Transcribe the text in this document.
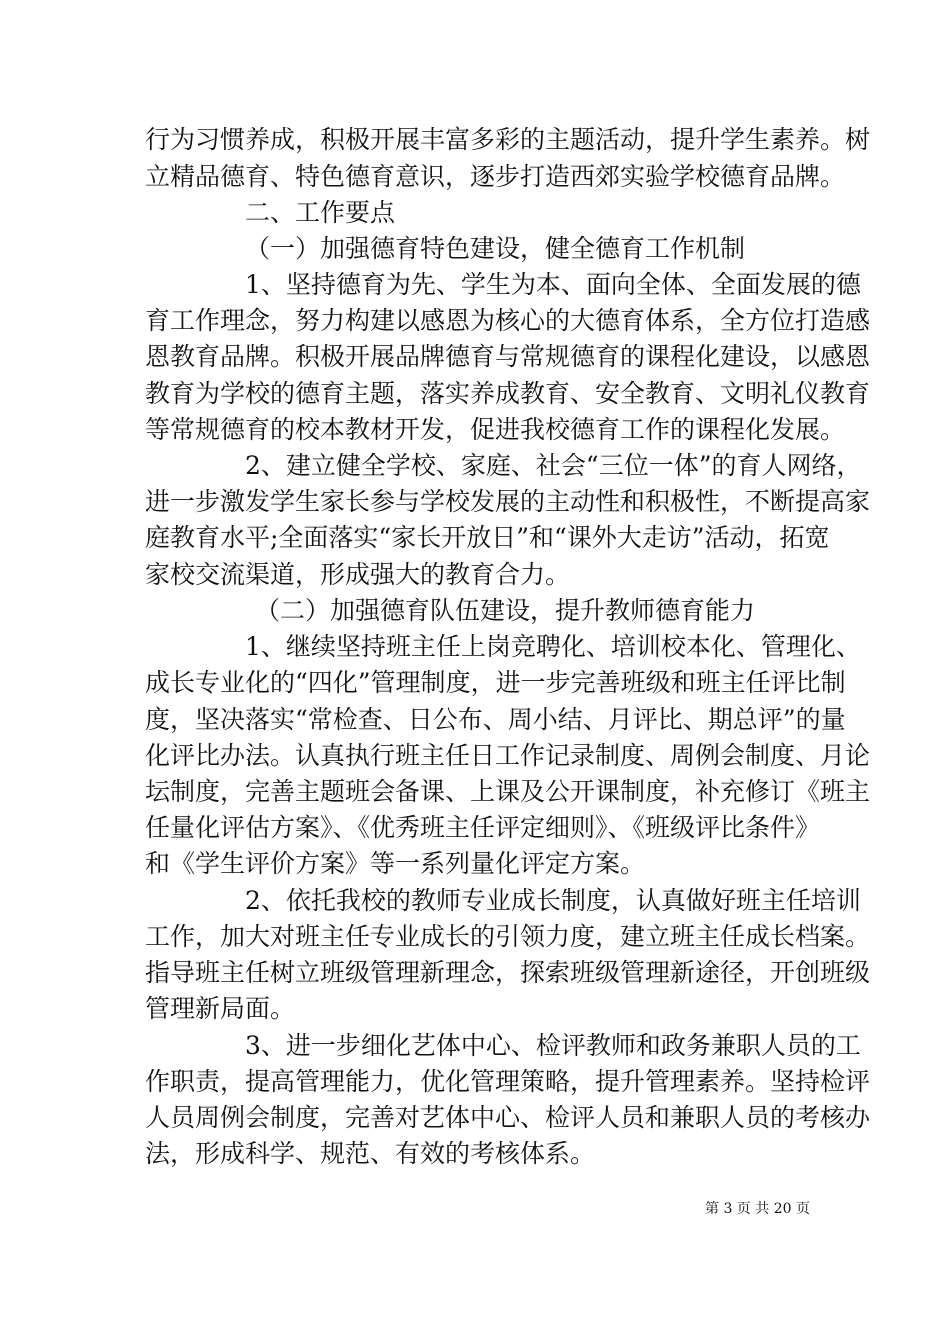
行为习惯养成，积极开展丰富多彩的主题活动，提升学生素养。树
立精品德育、特色德育意识，逐步打造西郊实验学校德育品牌。
二、工作要点
（一）加强德育特色建设，健全德育工作机制
1、坚持德育为先、学生为本、面向全体、全面发展的德
育工作理念，努力构建以感恩为核心的大德育体系，全方位打造感
恩教育品牌。积极开展品牌德育与常规德育的课程化建设，以感恩
教育为学校的德育主题，落实养成教育、安全教育、文明礼仪教育
等常规德育的校本教材开发，促进我校德育工作的课程化发展。
2、建立健全学校、家庭、社会“三位一体”的育人网络，
进一步激发学生家长参与学校发展的主动性和积极性，不断提高家
庭教育水平;全面落实“家长开放日”和“课外大走访”活动，拓宽
家校交流渠道，形成强大的教育合力。
（二）加强德育队伍建设，提升教师德育能力
1、继续坚持班主任上岗竞聘化、培训校本化、管理化、
成长专业化的“四化”管理制度，进一步完善班级和班主任评比制
度，坚决落实“常检查、日公布、周小结、月评比、期总评”的量
化评比办法。认真执行班主任日工作记录制度、周例会制度、月论
坛制度，完善主题班会备课、上课及公开课制度，补充修订《班主
任量化评估方案》、《优秀班主任评定细则》、《班级评比条件》
和《学生评价方案》等一系列量化评定方案。
2、依托我校的教师专业成长制度，认真做好班主任培训
工作，加大对班主任专业成长的引领力度，建立班主任成长档案。
指导班主任树立班级管理新理念，探索班级管理新途径，开创班级
管理新局面。
3、进一步细化艺体中心、检评教师和政务兼职人员的工
作职责，提高管理能力，优化管理策略，提升管理素养。坚持检评
人员周例会制度，完善对艺体中心、检评人员和兼职人员的考核办
法，形成科学、规范、有效的考核体系。
第 3 页 共 20 页
